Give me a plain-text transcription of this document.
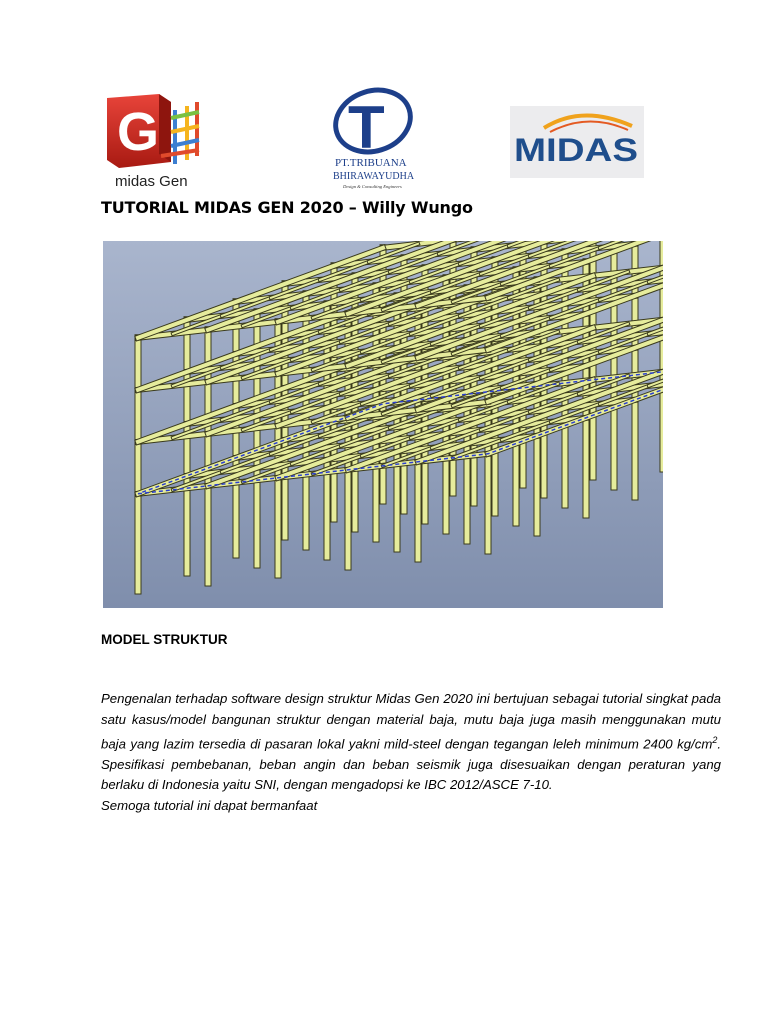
G
midas Gen
T
PT.TRIBUANA
BHIRAWAYUDHA
Design & Consulting Engineers
MIDAS
TUTORIAL MIDAS GEN 2020 – Willy Wungo
MODEL STRUKTUR

Pengenalan terhadap software design struktur Midas Gen 2020 ini bertujuan sebagai tutorial singkat pada satu kasus/model bangunan struktur dengan material baja, mutu baja juga masih menggunakan mutu baja yang lazim tersedia di pasaran lokal yakni mild-steel dengan tegangan leleh minimum 2400 $kg/cm^2$. Spesifikasi pembebanan, beban angin dan beban seismik juga disesuaikan dengan peraturan yang berlaku di Indonesia yaitu SNI, dengan mengadopsi ke IBC 2012/ASCE 7-10.

Semoga tutorial ini dapat bermanfaat
